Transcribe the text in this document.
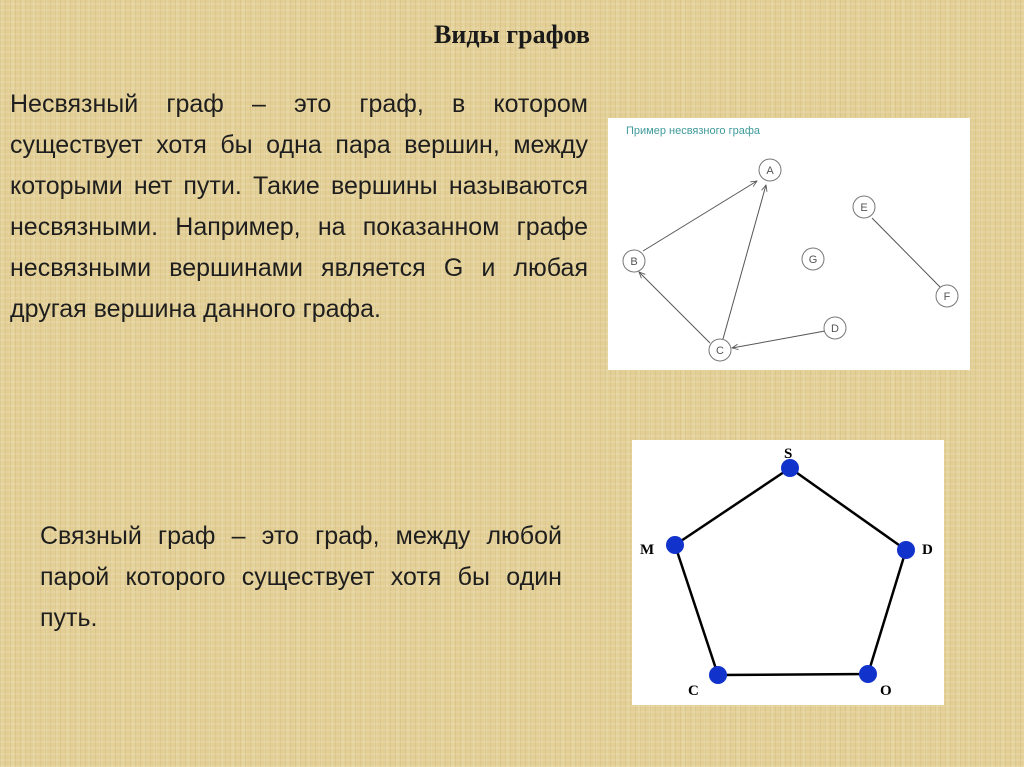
Виды графов
Несвязный граф – это граф, в котором существует хотя бы одна пара вершин, между которыми нет пути. Такие вершины называются несвязными. Например, на показанном графе несвязными вершинами является G и любая другая вершина данного графа.
Пример несвязного графа
A
B
C
D
E
F
G
Связный граф – это граф, между любой парой которого существует хотя бы один путь.
S
M	D
C	O
